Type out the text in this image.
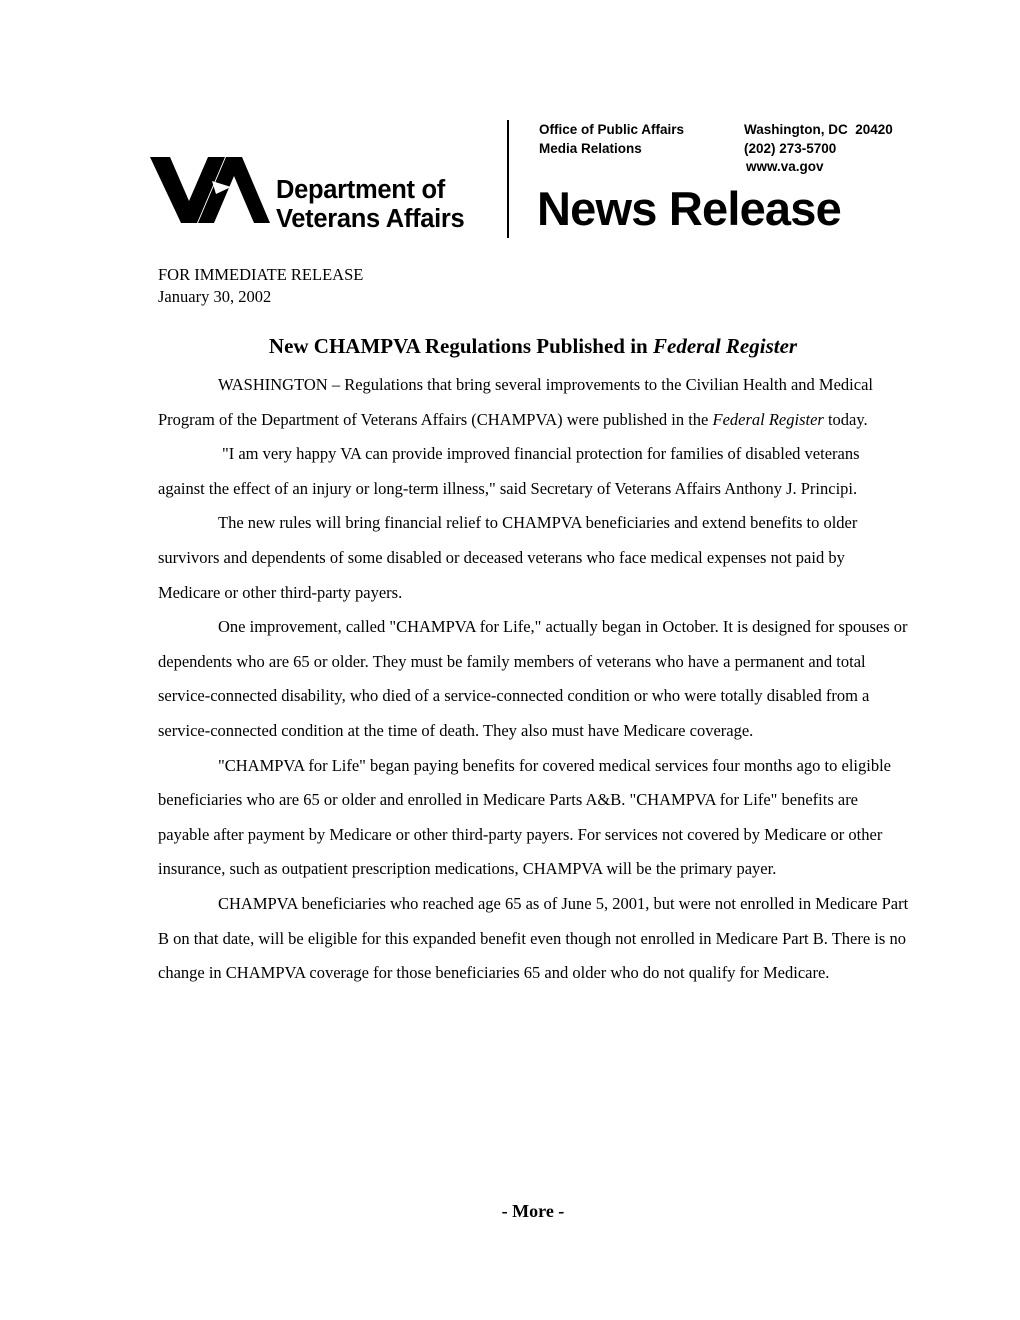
Department of
Veterans Affairs
Office of Public Affairs
Media Relations
Washington, DC  20420
(202) 273-5700
www.va.gov
News Release
FOR IMMEDIATE RELEASE
January 30, 2002
New CHAMPVA Regulations Published in Federal Register

WASHINGTON – Regulations that bring several improvements to the Civilian Health and Medical Program of the Department of Veterans Affairs (CHAMPVA) were published in the Federal Register today.

"I am very happy VA can provide improved financial protection for families of disabled veterans against the effect of an injury or long-term illness," said Secretary of Veterans Affairs Anthony J. Principi.

The new rules will bring financial relief to CHAMPVA beneficiaries and extend benefits to older survivors and dependents of some disabled or deceased veterans who face medical expenses not paid by Medicare or other third-party payers.

One improvement, called "CHAMPVA for Life," actually began in October. It is designed for spouses or dependents who are 65 or older. They must be family members of veterans who have a permanent and total service-connected disability, who died of a service-connected condition or who were totally disabled from a service-connected condition at the time of death. They also must have Medicare coverage.

"CHAMPVA for Life" began paying benefits for covered medical services four months ago to eligible beneficiaries who are 65 or older and enrolled in Medicare Parts A&B. "CHAMPVA for Life" benefits are payable after payment by Medicare or other third-party payers. For services not covered by Medicare or other insurance, such as outpatient prescription medications, CHAMPVA will be the primary payer.

CHAMPVA beneficiaries who reached age 65 as of June 5, 2001, but were not enrolled in Medicare Part B on that date, will be eligible for this expanded benefit even though not enrolled in Medicare Part B. There is no change in CHAMPVA coverage for those beneficiaries 65 and older who do not qualify for Medicare.

- More -
